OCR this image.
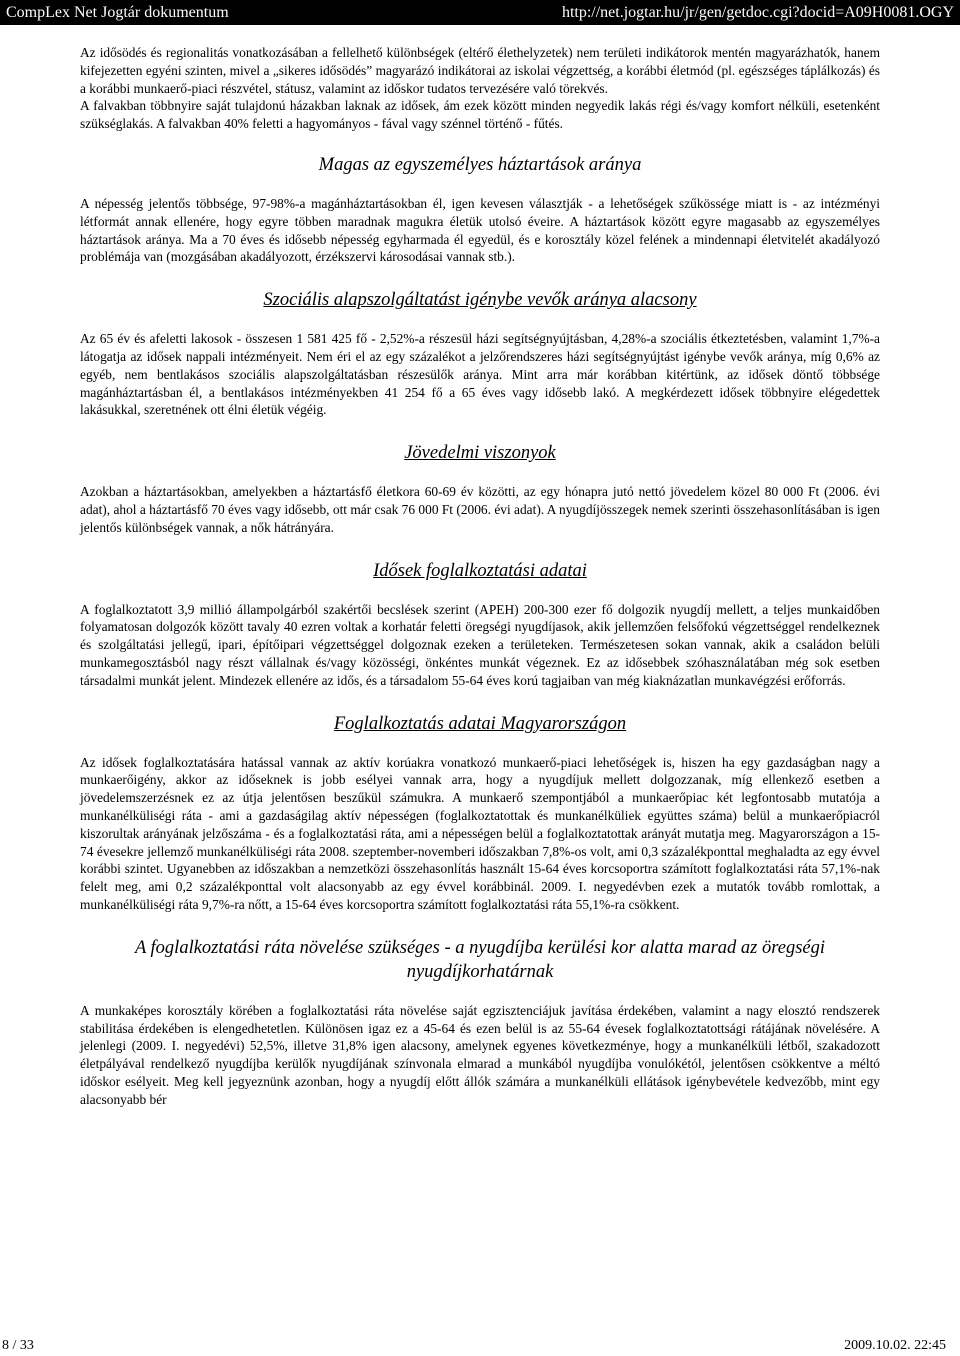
CompLex Net Jogtár dokumentum	http://net.jogtar.hu/jr/gen/getdoc.cgi?docid=A09H0081.OGY

Az idősödés és regionalitás vonatkozásában a fellelhető különbségek (eltérő élethelyzetek) nem területi indikátorok mentén magyarázhatók, hanem kifejezetten egyéni szinten, mivel a „sikeres idősödés” magyarázó indikátorai az iskolai végzettség, a korábbi életmód (pl. egészséges táplálkozás) és a korábbi munkaerő-piaci részvétel, státusz, valamint az időskor tudatos tervezésére való törekvés.

A falvakban többnyire saját tulajdonú házakban laknak az idősek, ám ezek között minden negyedik lakás régi és/vagy komfort nélküli, esetenként szükséglakás. A falvakban 40% feletti a hagyományos - fával vagy szénnel történő - fűtés.

Magas az egyszemélyes háztartások aránya

A népesség jelentős többsége, 97-98%-a magánháztartásokban él, igen kevesen választják - a lehetőségek szűkössége miatt is - az intézményi létformát annak ellenére, hogy egyre többen maradnak magukra életük utolsó éveire. A háztartások között egyre magasabb az egyszemélyes háztartások aránya. Ma a 70 éves és idősebb népesség egyharmada él egyedül, és e korosztály közel felének a mindennapi életvitelét akadályozó problémája van (mozgásában akadályozott, érzékszervi károsodásai vannak stb.).

Szociális alapszolgáltatást igénybe vevők aránya alacsony

Az 65 év és afeletti lakosok - összesen 1 581 425 fő - 2,52%-a részesül házi segítségnyújtásban, 4,28%-a szociális étkeztetésben, valamint 1,7%-a látogatja az idősek nappali intézményeit. Nem éri el az egy százalékot a jelzőrendszeres házi segítségnyújtást igénybe vevők aránya, míg 0,6% az egyéb, nem bentlakásos szociális alapszolgáltatásban részesülők aránya. Mint arra már korábban kitértünk, az idősek döntő többsége magánháztartásban él, a bentlakásos intézményekben 41 254 fő a 65 éves vagy idősebb lakó. A megkérdezett idősek többnyire elégedettek lakásukkal, szeretnének ott élni életük végéig.

Jövedelmi viszonyok

Azokban a háztartásokban, amelyekben a háztartásfő életkora 60-69 év közötti, az egy hónapra jutó nettó jövedelem közel 80 000 Ft (2006. évi adat), ahol a háztartásfő 70 éves vagy idősebb, ott már csak 76 000 Ft (2006. évi adat). A nyugdíjösszegek nemek szerinti összehasonlításában is igen jelentős különbségek vannak, a nők hátrányára.

Idősek foglalkoztatási adatai

A foglalkoztatott 3,9 millió állampolgárból szakértői becslések szerint (APEH) 200-300 ezer fő dolgozik nyugdíj mellett, a teljes munkaidőben folyamatosan dolgozók között tavaly 40 ezren voltak a korhatár feletti öregségi nyugdíjasok, akik jellemzően felsőfokú végzettséggel rendelkeznek és szolgáltatási jellegű, ipari, építőipari végzettséggel dolgoznak ezeken a területeken. Természetesen sokan vannak, akik a családon belüli munkamegosztásból nagy részt vállalnak és/vagy közösségi, önkéntes munkát végeznek. Ez az idősebbek szóhasználatában még sok esetben társadalmi munkát jelent. Mindezek ellenére az idős, és a társadalom 55-64 éves korú tagjaiban van még kiaknázatlan munkavégzési erőforrás.

Foglalkoztatás adatai Magyarországon

Az idősek foglalkoztatására hatással vannak az aktív korúakra vonatkozó munkaerő-piaci lehetőségek is, hiszen ha egy gazdaságban nagy a munkaerőigény, akkor az időseknek is jobb esélyei vannak arra, hogy a nyugdíjuk mellett dolgozzanak, míg ellenkező esetben a jövedelemszerzésnek ez az útja jelentősen beszűkül számukra. A munkaerő szempontjából a munkaerőpiac két legfontosabb mutatója a munkanélküliségi ráta - ami a gazdaságilag aktív népességen (foglalkoztatottak és munkanélküliek együttes száma) belül a munkaerőpiacról kiszorultak arányának jelzőszáma - és a foglalkoztatási ráta, ami a népességen belül a foglalkoztatottak arányát mutatja meg. Magyarországon a 15-74 évesekre jellemző munkanélküliségi ráta 2008. szeptember-novemberi időszakban 7,8%-os volt, ami 0,3 százalékponttal meghaladta az egy évvel korábbi szintet. Ugyanebben az időszakban a nemzetközi összehasonlítás használt 15-64 éves korcsoportra számított foglalkoztatási ráta 57,1%-nak felelt meg, ami 0,2 százalékponttal volt alacsonyabb az egy évvel korábbinál. 2009. I. negyedévben ezek a mutatók tovább romlottak, a munkanélküliségi ráta 9,7%-ra nőtt, a 15-64 éves korcsoportra számított foglalkoztatási ráta 55,1%-ra csökkent.

A foglalkoztatási ráta növelése szükséges - a nyugdíjba kerülési kor alatta marad az öregségi nyugdíjkorhatárnak

A munkaképes korosztály körében a foglalkoztatási ráta növelése saját egzisztenciájuk javítása érdekében, valamint a nagy elosztó rendszerek stabilitása érdekében is elengedhetetlen. Különösen igaz ez a 45-64 és ezen belül is az 55-64 évesek foglalkoztatottsági rátájának növelésére. A jelenlegi (2009. I. negyedévi) 52,5%, illetve 31,8% igen alacsony, amelynek egyenes következménye, hogy a munkanélküli létből, szakadozott életpályával rendelkező nyugdíjba kerülők nyugdíjának színvonala elmarad a munkából nyugdíjba vonulókétól, jelentősen csökkentve a méltó időskor esélyeit. Meg kell jegyeznünk azonban, hogy a nyugdíj előtt állók számára a munkanélküli ellátások igénybevétele kedvezőbb, mint egy alacsonyabb bér

8 / 33	2009.10.02. 22:45
